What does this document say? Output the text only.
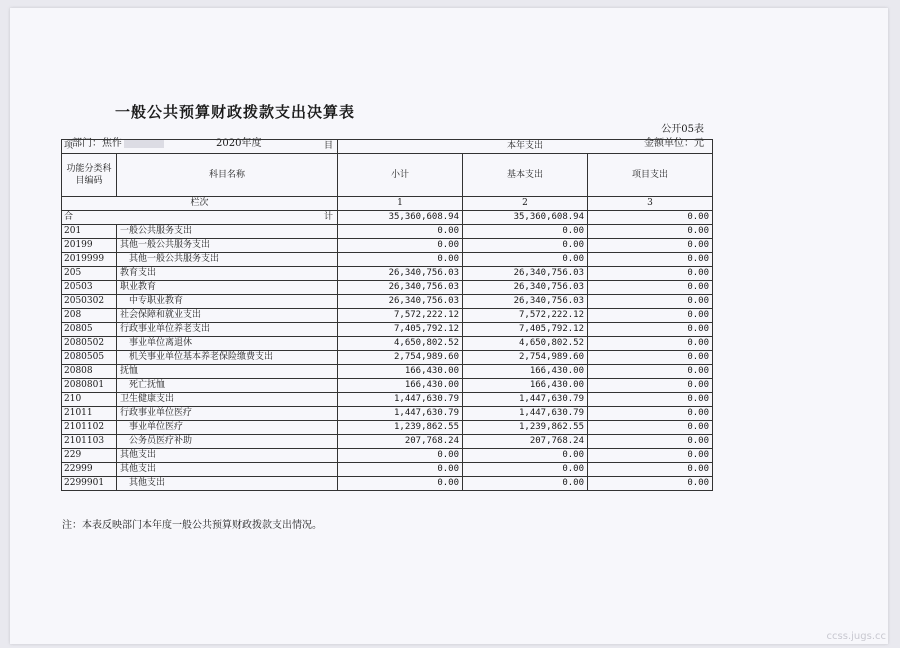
一般公共预算财政拨款支出决算表
公开05表
部门：焦作	2020年度	金额单位：元
项 目		本年支出		
功能分类科目编码	科目名称	小计	基本支出	项目支出
栏次		1	2	3
合 计		35,360,608.94	35,360,608.94	0.00
201	一般公共服务支出	0.00	0.00	0.00
20199	其他一般公共服务支出	0.00	0.00	0.00
2019999	其他一般公共服务支出	0.00	0.00	0.00
205	教育支出	26,340,756.03	26,340,756.03	0.00
20503	职业教育	26,340,756.03	26,340,756.03	0.00
2050302	中专职业教育	26,340,756.03	26,340,756.03	0.00
208	社会保障和就业支出	7,572,222.12	7,572,222.12	0.00
20805	行政事业单位养老支出	7,405,792.12	7,405,792.12	0.00
2080502	事业单位离退休	4,650,802.52	4,650,802.52	0.00
2080505	机关事业单位基本养老保险缴费支出	2,754,989.60	2,754,989.60	0.00
20808	抚恤	166,430.00	166,430.00	0.00
2080801	死亡抚恤	166,430.00	166,430.00	0.00
210	卫生健康支出	1,447,630.79	1,447,630.79	0.00
21011	行政事业单位医疗	1,447,630.79	1,447,630.79	0.00
2101102	事业单位医疗	1,239,862.55	1,239,862.55	0.00
2101103	公务员医疗补助	207,768.24	207,768.24	0.00
229	其他支出	0.00	0.00	0.00
22999	其他支出	0.00	0.00	0.00
2299901	其他支出	0.00	0.00	0.00
注：本表反映部门本年度一般公共预算财政拨款支出情况。
ccss.jugs.cc
